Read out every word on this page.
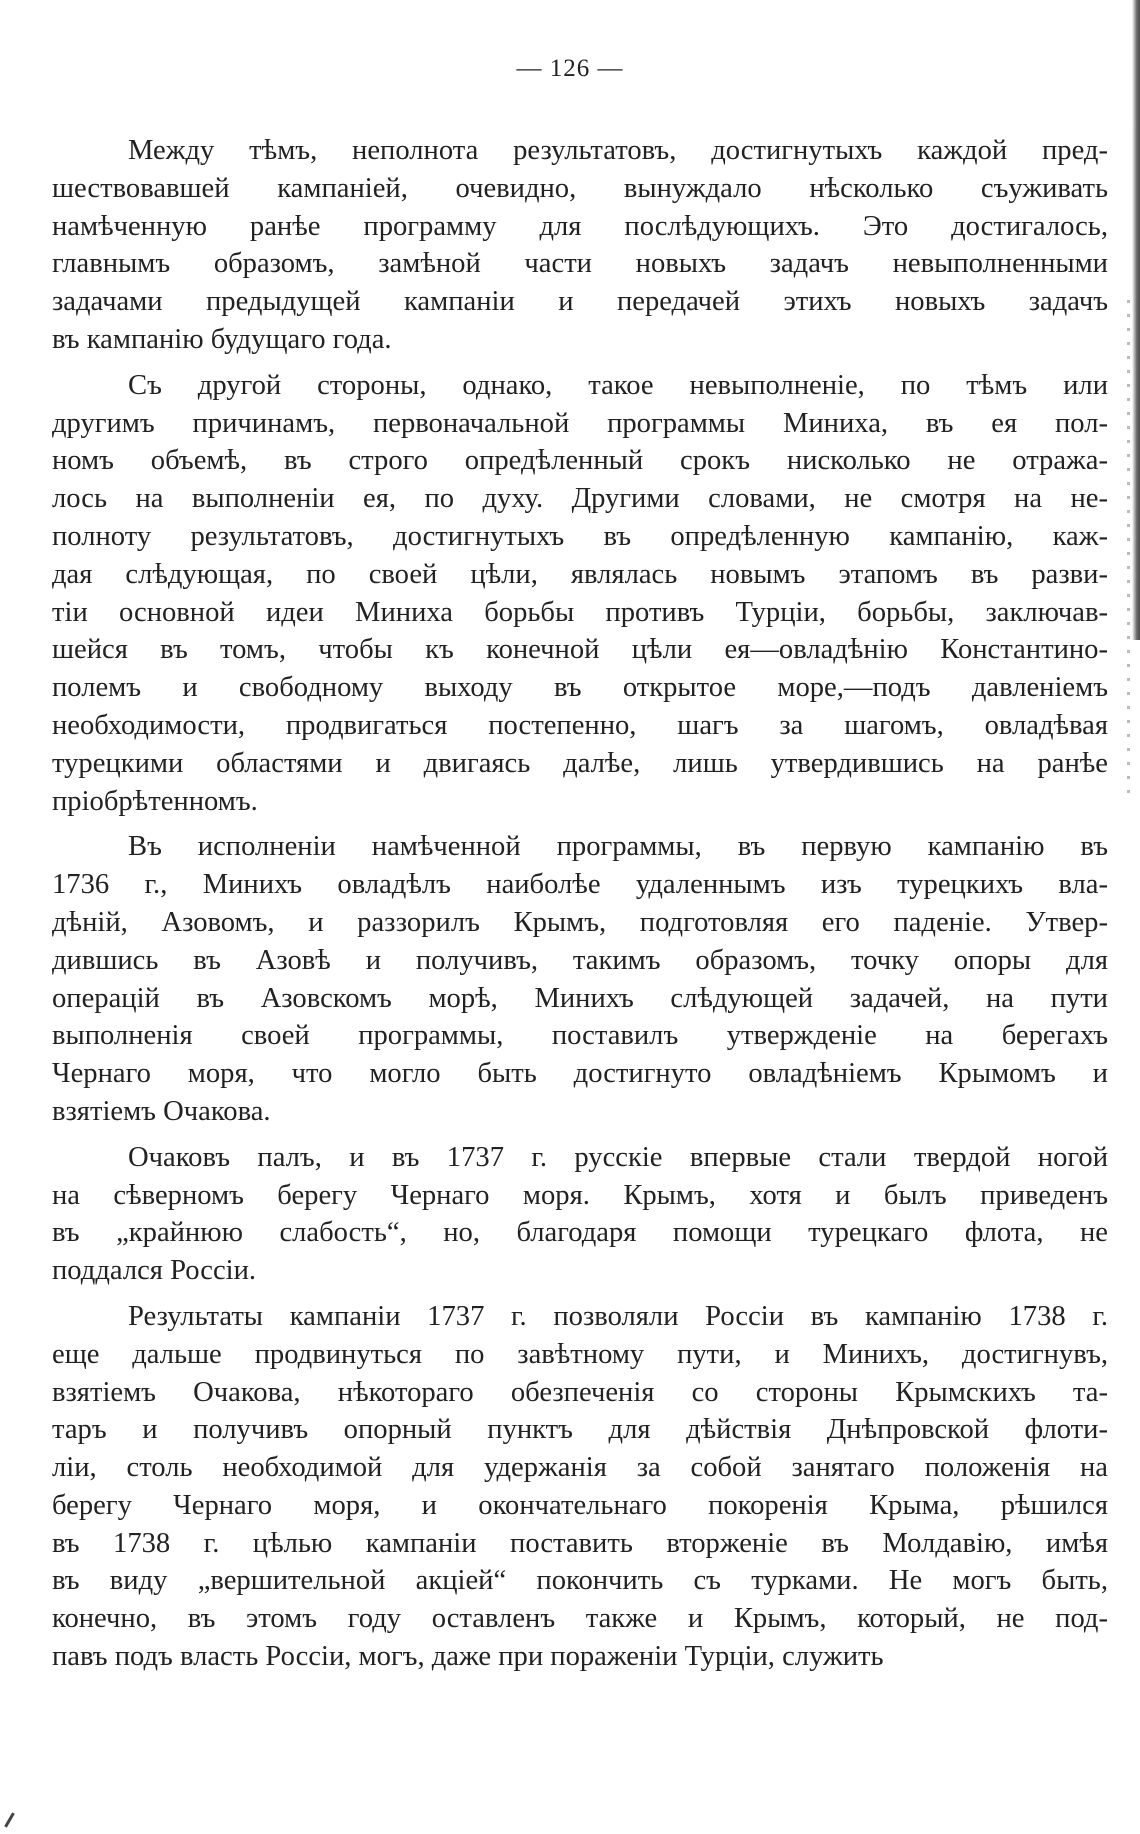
— 126 —
Между тѣмъ, неполнота результатовъ, достигнутыхъ каждой пред-
шествовавшей кампаніей, очевидно, вынуждало нѣсколько съуживать
намѣченную ранѣе программу для послѣдующихъ. Это достигалось,
главнымъ образомъ, замѣной части новыхъ задачъ невыполненными
задачами предыдущей кампаніи и передачей этихъ новыхъ задачъ
въ кампанію будущаго года.
Съ другой стороны, однако, такое невыполненіе, по тѣмъ или
другимъ причинамъ, первоначальной программы Миниха, въ ея пол-
номъ объемѣ, въ строго опредѣленный срокъ нисколько не отража-
лось на выполненіи ея, по духу. Другими словами, не смотря на не-
полноту результатовъ, достигнутыхъ въ опредѣленную кампанію, каж-
дая слѣдующая, по своей цѣли, являлась новымъ этапомъ въ разви-
тіи основной идеи Миниха борьбы противъ Турціи, борьбы, заключав-
шейся въ томъ, чтобы къ конечной цѣли ея—овладѣнію Константино-
полемъ и свободному выходу въ открытое море,—подъ давленіемъ
необходимости, продвигаться постепенно, шагъ за шагомъ, овладѣвая
турецкими областями и двигаясь далѣе, лишь утвердившись на ранѣе
пріобрѣтенномъ.
Въ исполненіи намѣченной программы, въ первую кампанію въ
1736 г., Минихъ овладѣлъ наиболѣе удаленнымъ изъ турецкихъ вла-
дѣній, Азовомъ, и раззорилъ Крымъ, подготовляя его паденіе. Утвер-
дившись въ Азовѣ и получивъ, такимъ образомъ, точку опоры для
операцій въ Азовскомъ морѣ, Минихъ слѣдующей задачей, на пути
выполненія своей программы, поставилъ утвержденіе на берегахъ
Чернаго моря, что могло быть достигнуто овладѣніемъ Крымомъ и
взятіемъ Очакова.
Очаковъ палъ, и въ 1737 г. русскіе впервые стали твердой ногой
на сѣверномъ берегу Чернаго моря. Крымъ, хотя и былъ приведенъ
въ „крайнюю слабость“, но, благодаря помощи турецкаго флота, не
поддался Россіи.
Результаты кампаніи 1737 г. позволяли Россіи въ кампанію 1738 г.
еще дальше продвинуться по завѣтному пути, и Минихъ, достигнувъ,
взятіемъ Очакова, нѣкотораго обезпеченія со стороны Крымскихъ та-
таръ и получивъ опорный пунктъ для дѣйствія Днѣпровской флоти-
ліи, столь необходимой для удержанія за собой занятаго положенія на
берегу Чернаго моря, и окончательнаго покоренія Крыма, рѣшился
въ 1738 г. цѣлью кампаніи поставить вторженіе въ Молдавію, имѣя
въ виду „вершительной акціей“ покончить съ турками. Не могъ быть,
конечно, въ этомъ году оставленъ также и Крымъ, который, не под-
павъ подъ власть Россіи, могъ, даже при пораженіи Турціи, служить
